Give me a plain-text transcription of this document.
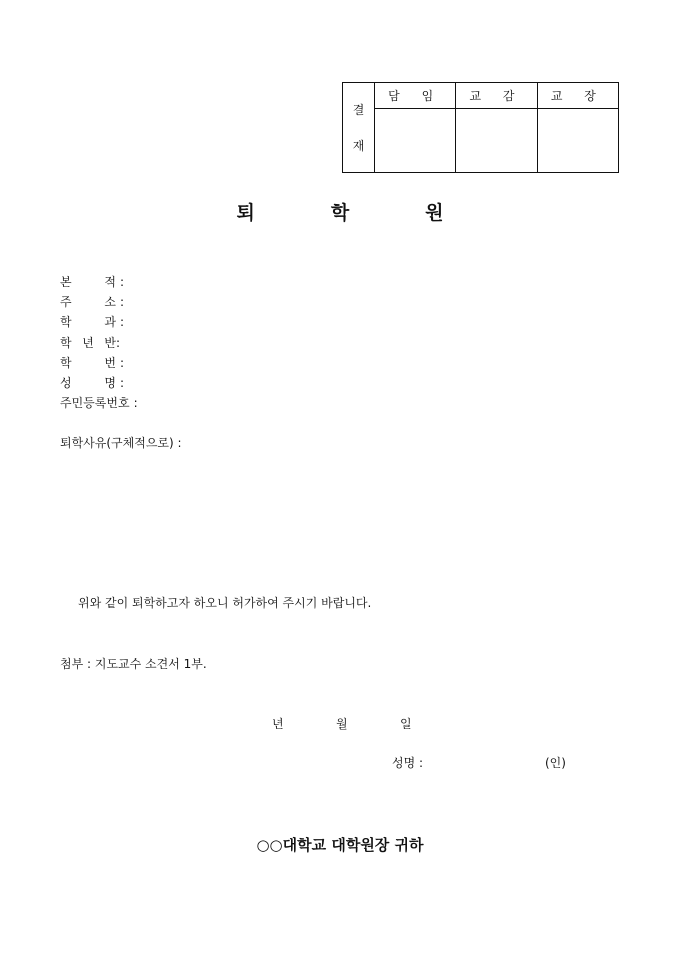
결
재	담 임	교 감	교 장

퇴	학	원
본 적 :
주 소 :
학 과 :
학 년 반:
학 번 :
성 명 :
주민등록번호 :
퇴학사유(구체적으로) :
위와 같이 퇴학하고자 하오니 허가하여 주시기 바랍니다.
첨부 : 지도교수 소견서 1부.
년	월	일
성명 :	(인)
○○대학교 대학원장 귀하
